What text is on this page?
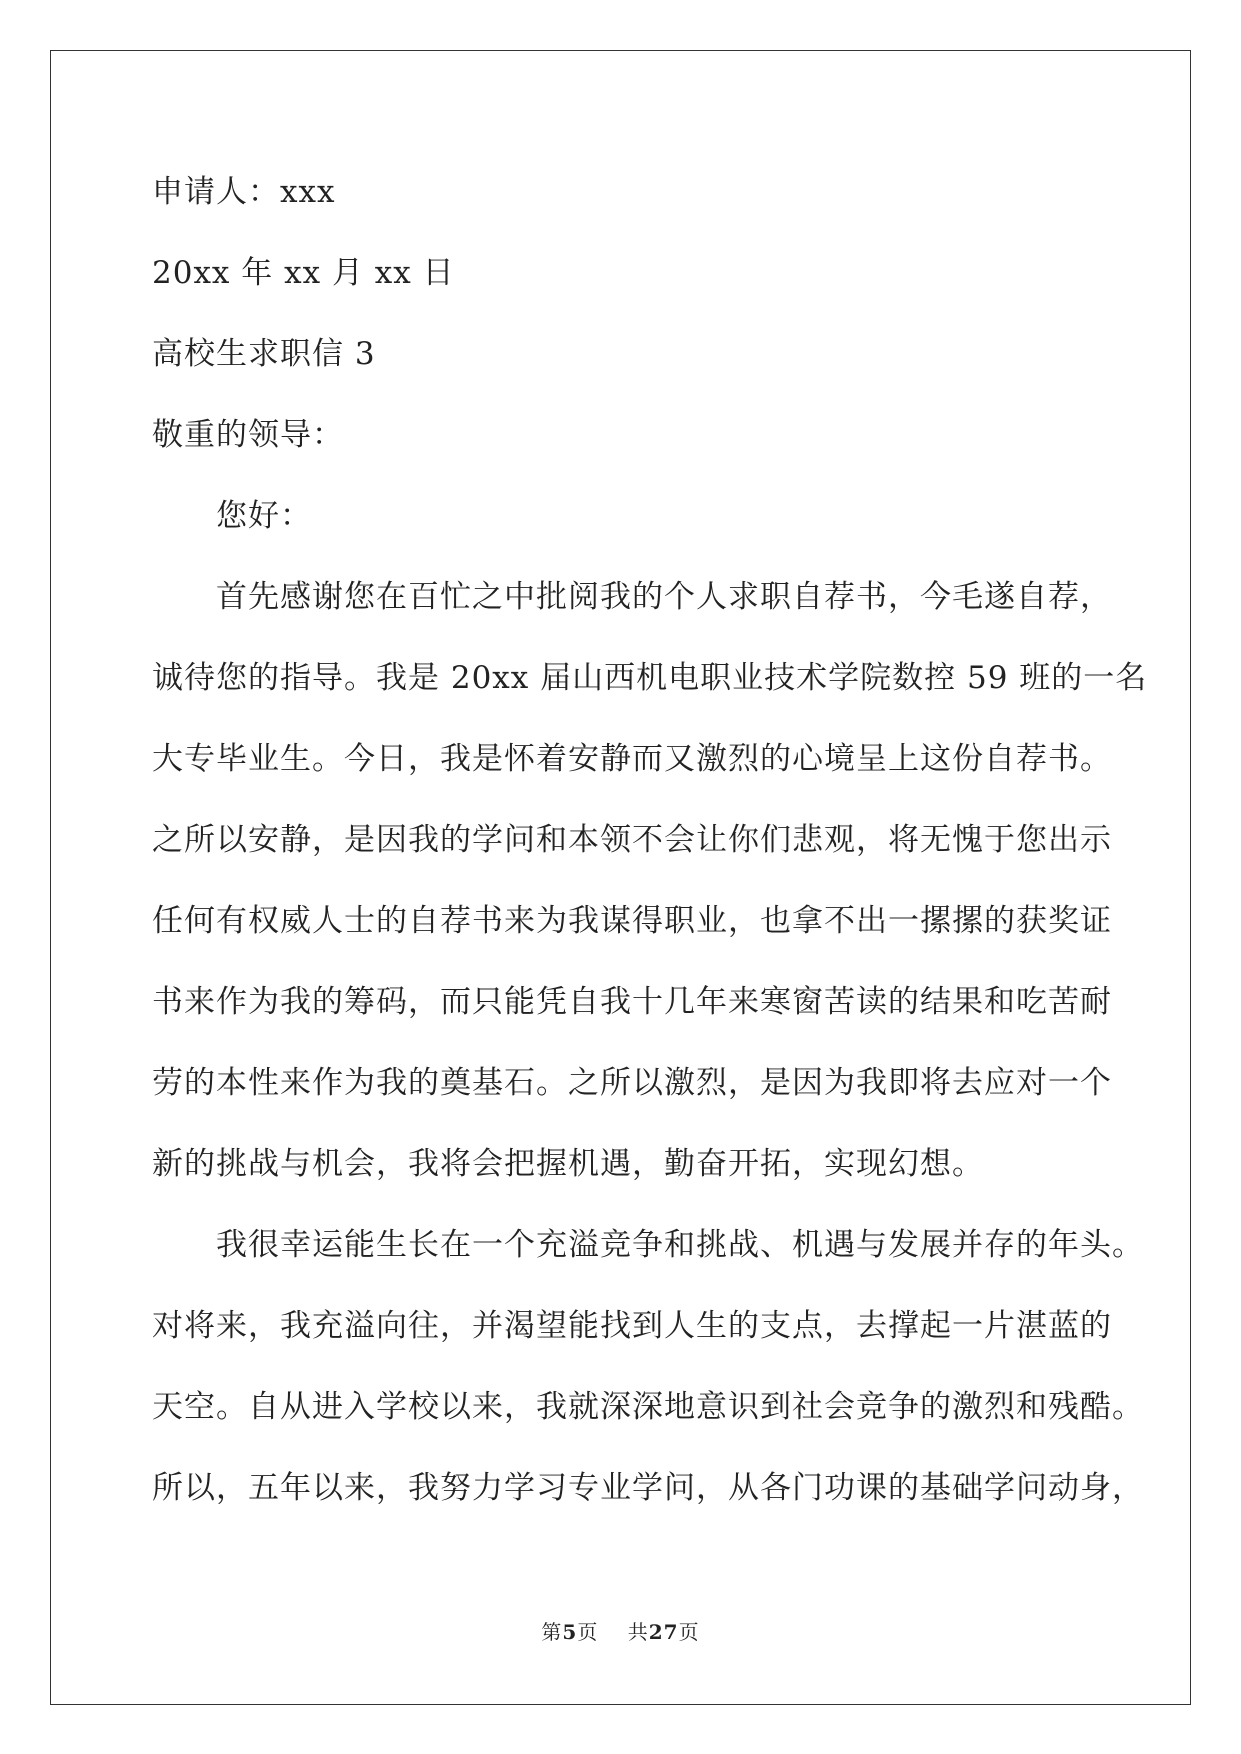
申请人：xxx
20xx 年 xx 月 xx 日
高校生求职信 3
敬重的领导：
您好：
首先感谢您在百忙之中批阅我的个人求职自荐书，今毛遂自荐，
诚待您的指导。我是 20xx 届山西机电职业技术学院数控 59 班的一名
大专毕业生。今日，我是怀着安静而又激烈的心境呈上这份自荐书。
之所以安静，是因我的学问和本领不会让你们悲观，将无愧于您出示
任何有权威人士的自荐书来为我谋得职业，也拿不出一摞摞的获奖证
书来作为我的筹码，而只能凭自我十几年来寒窗苦读的结果和吃苦耐
劳的本性来作为我的奠基石。之所以激烈，是因为我即将去应对一个
新的挑战与机会，我将会把握机遇，勤奋开拓，实现幻想。
我很幸运能生长在一个充溢竞争和挑战、机遇与发展并存的年头。
对将来，我充溢向往，并渴望能找到人生的支点，去撑起一片湛蓝的
天空。自从进入学校以来，我就深深地意识到社会竞争的激烈和残酷。
所以，五年以来，我努力学习专业学问，从各门功课的基础学问动身，
第5页 共27页
